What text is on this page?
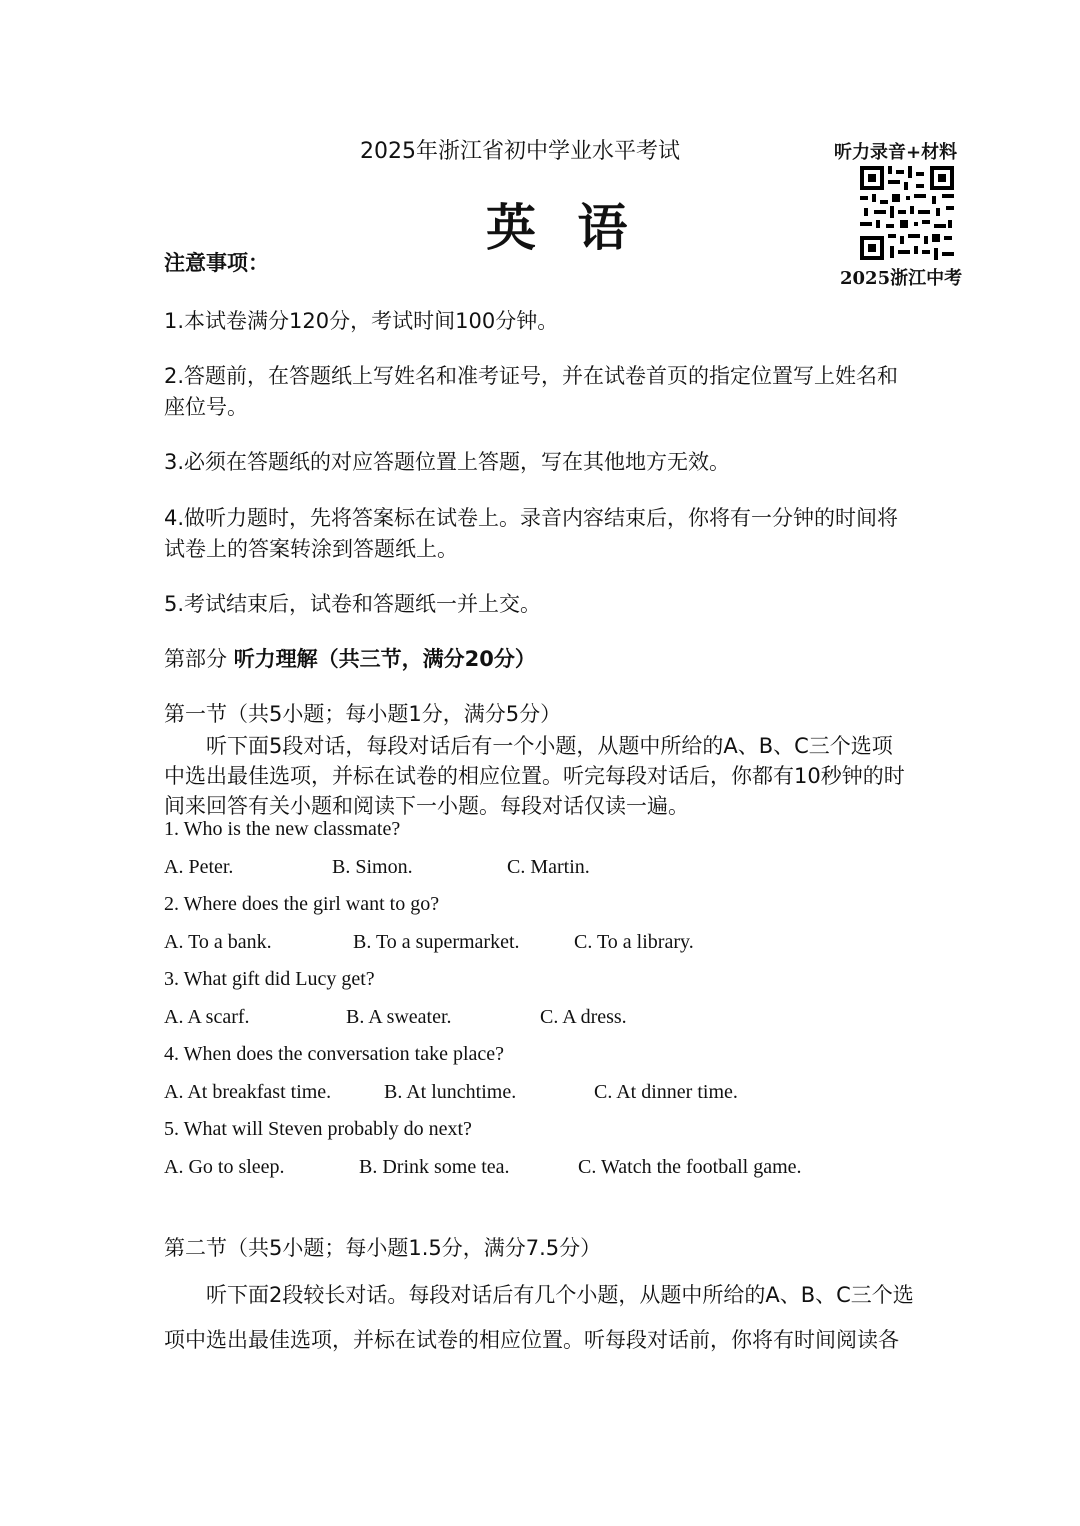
2025年浙江省初中学业水平考试
英 语
听力录音+材料
2025浙江中考
注意事项：
1.本试卷满分120分，考试时间100分钟。
2.答题前，在答题纸上写姓名和准考证号，并在试卷首页的指定位置写上姓名和
座位号。
3.必须在答题纸的对应答题位置上答题，写在其他地方无效。
4.做听力题时，先将答案标在试卷上。录音内容结束后，你将有一分钟的时间将
试卷上的答案转涂到答题纸上。
5.考试结束后，试卷和答题纸一并上交。
第部分 听力理解（共三节，满分20分）
第一节（共5小题；每小题1分，满分5分）
听下面5段对话，每段对话后有一个小题，从题中所给的A、B、C三个选项
中选出最佳选项，并标在试卷的相应位置。听完每段对话后，你都有10秒钟的时
间来回答有关小题和阅读下一小题。每段对话仅读一遍。
1. Who is the new classmate?
A. Peter.	B. Simon.	C. Martin.
2. Where does the girl want to go?
A. To a bank.	B. To a supermarket.	C. To a library.
3. What gift did Lucy get?
A. A scarf.	B. A sweater.	C. A dress.
4. When does the conversation take place?
A. At breakfast time.	B. At lunchtime.	C. At dinner time.
5. What will Steven probably do next?
A. Go to sleep.	B. Drink some tea.	C. Watch the football game.
第二节（共5小题；每小题1.5分，满分7.5分）
听下面2段较长对话。每段对话后有几个小题，从题中所给的A、B、C三个选
项中选出最佳选项，并标在试卷的相应位置。听每段对话前，你将有时间阅读各
